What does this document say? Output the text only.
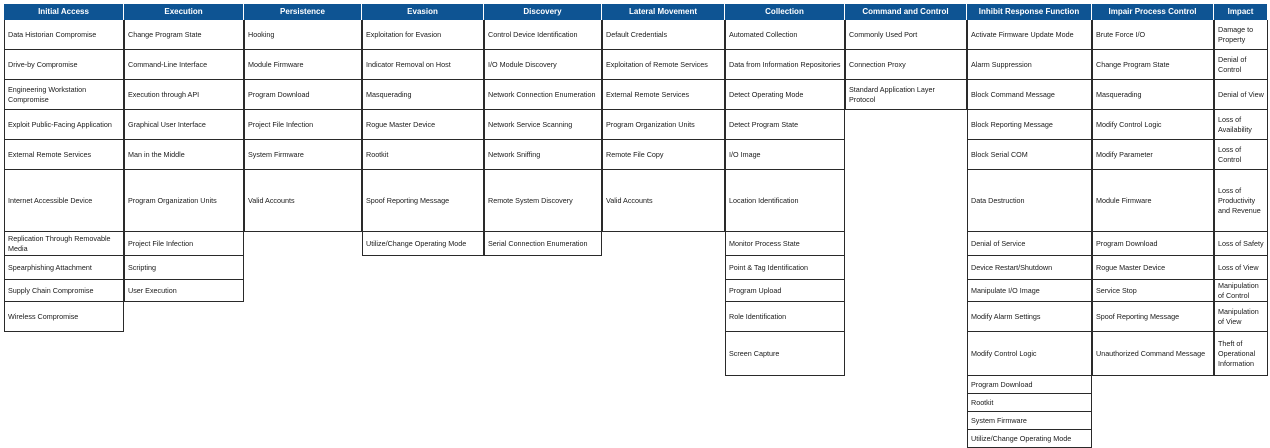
Initial Access
Data Historian Compromise
Drive-by Compromise
Engineering Workstation Compromise
Exploit Public-Facing Application
External Remote Services
Internet Accessible Device
Replication Through Removable Media
Spearphishing Attachment
Supply Chain Compromise
Wireless Compromise
Execution
Change Program State
Command-Line Interface
Execution through API
Graphical User Interface
Man in the Middle
Program Organization Units
Project File Infection
Scripting
User Execution
Persistence
Hooking
Module Firmware
Program Download
Project File Infection
System Firmware
Valid Accounts
Evasion
Exploitation for Evasion
Indicator Removal on Host
Masquerading
Rogue Master Device
Rootkit
Spoof Reporting Message
Utilize/Change Operating Mode
Discovery
Control Device Identification
I/O Module Discovery
Network Connection Enumeration
Network Service Scanning
Network Sniffing
Remote System Discovery
Serial Connection Enumeration
Lateral Movement
Default Credentials
Exploitation of Remote Services
External Remote Services
Program Organization Units
Remote File Copy
Valid Accounts
Collection
Automated Collection
Data from Information Repositories
Detect Operating Mode
Detect Program State
I/O Image
Location Identification
Monitor Process State
Point & Tag Identification
Program Upload
Role Identification
Screen Capture
Command and Control
Commonly Used Port
Connection Proxy
Standard Application Layer Protocol
Inhibit Response Function
Activate Firmware Update Mode
Alarm Suppression
Block Command Message
Block Reporting Message
Block Serial COM
Data Destruction
Denial of Service
Device Restart/Shutdown
Manipulate I/O Image
Modify Alarm Settings
Modify Control Logic
Program Download
Rootkit
System Firmware
Utilize/Change Operating Mode
Impair Process Control
Brute Force I/O
Change Program State
Masquerading
Modify Control Logic
Modify Parameter
Module Firmware
Program Download
Rogue Master Device
Service Stop
Spoof Reporting Message
Unauthorized Command Message
Impact
Damage to Property
Denial of Control
Denial of View
Loss of Availability
Loss of Control
Loss of Productivity and Revenue
Loss of Safety
Loss of View
Manipulation of Control
Manipulation of View
Theft of Operational Information
